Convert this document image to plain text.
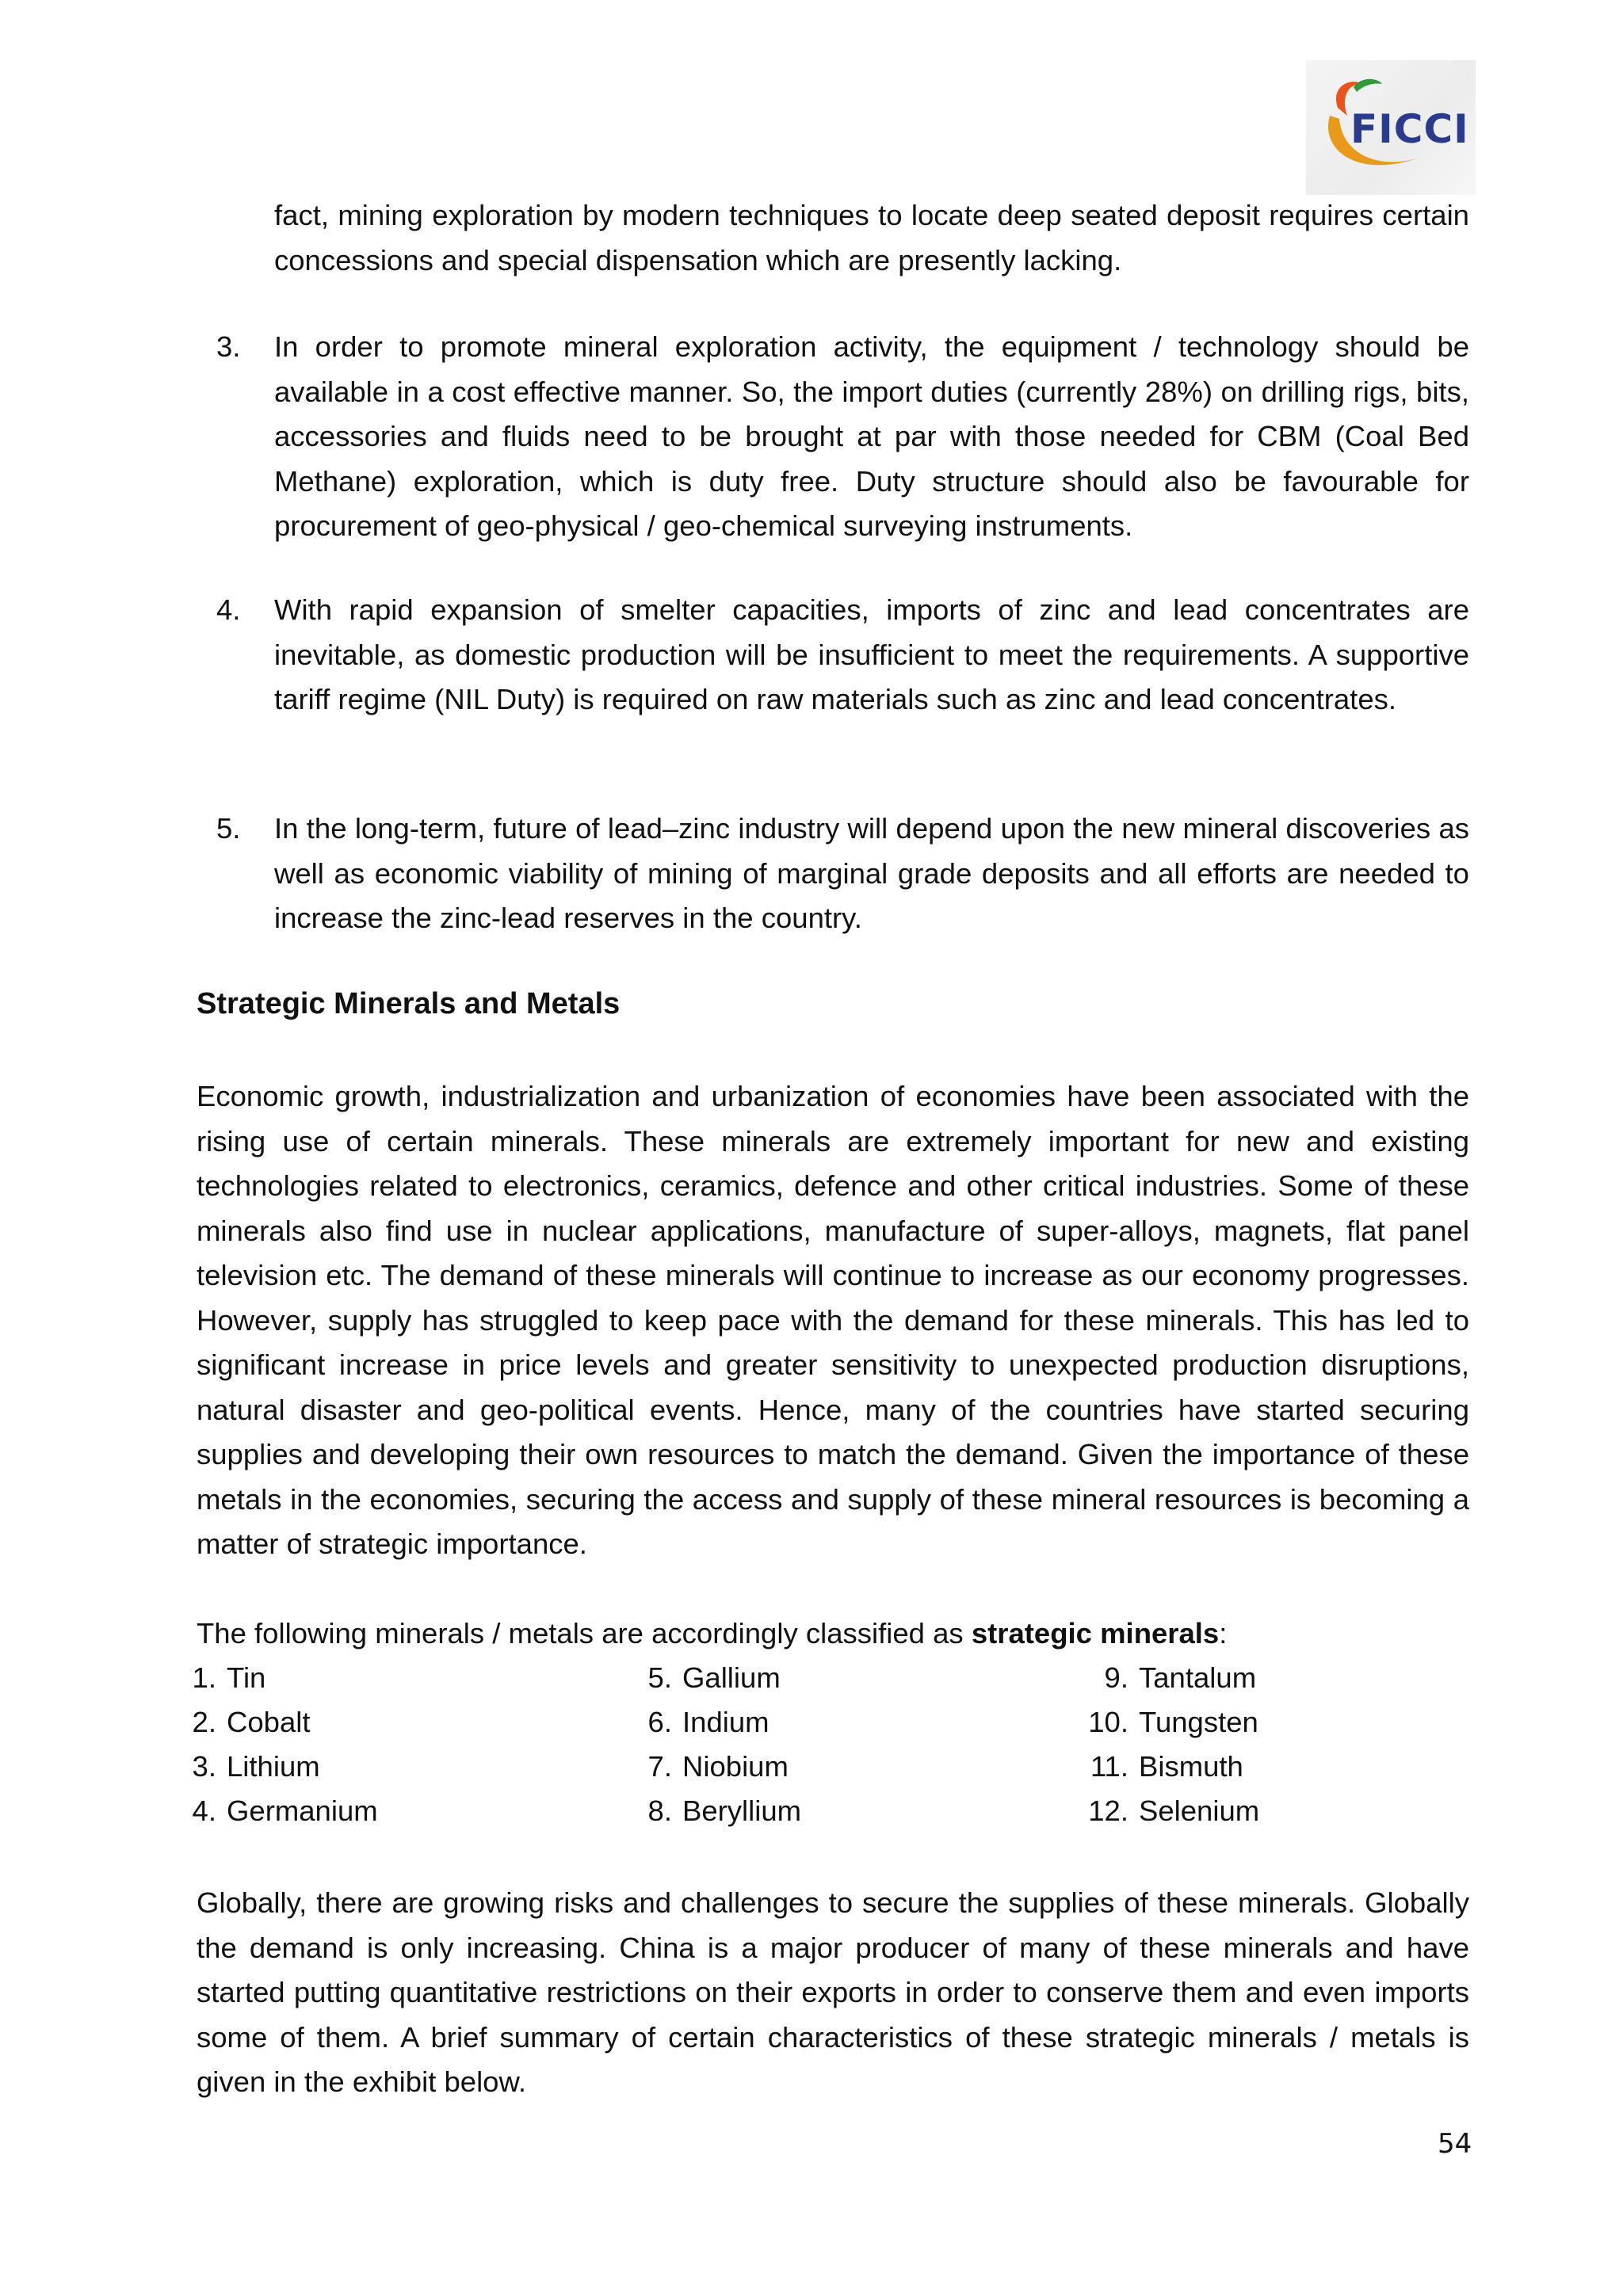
FICCI

fact, mining exploration by modern techniques to locate deep seated deposit requires certain concessions and special dispensation which are presently lacking.

3. In order to promote mineral exploration activity, the equipment / technology should be available in a cost effective manner. So, the import duties (currently 28%) on drilling rigs, bits, accessories and fluids need to be brought at par with those needed for CBM (Coal Bed Methane) exploration, which is duty free. Duty structure should also be favourable for procurement of geo-physical / geo-chemical surveying instruments.

4. With rapid expansion of smelter capacities, imports of zinc and lead concentrates are inevitable, as domestic production will be insufficient to meet the requirements. A supportive tariff regime (NIL Duty) is required on raw materials such as zinc and lead concentrates.

5. In the long-term, future of lead–zinc industry will depend upon the new mineral discoveries as well as economic viability of mining of marginal grade deposits and all efforts are needed to increase the zinc-lead reserves in the country.

Strategic Minerals and Metals

Economic growth, industrialization and urbanization of economies have been associated with the rising use of certain minerals. These minerals are extremely important for new and existing technologies related to electronics, ceramics, defence and other critical industries. Some of these minerals also find use in nuclear applications, manufacture of super-alloys, magnets, flat panel television etc. The demand of these minerals will continue to increase as our economy progresses. However, supply has struggled to keep pace with the demand for these minerals. This has led to significant increase in price levels and greater sensitivity to unexpected production disruptions, natural disaster and geo-political events. Hence, many of the countries have started securing supplies and developing their own resources to match the demand. Given the importance of these metals in the economies, securing the access and supply of these mineral resources is becoming a matter of strategic importance.

The following minerals / metals are accordingly classified as strategic minerals:

1. Tin
2. Cobalt
3. Lithium
4. Germanium
5. Gallium
6. Indium
7. Niobium
8. Beryllium
9. Tantalum
10. Tungsten
11. Bismuth
12. Selenium

Globally, there are growing risks and challenges to secure the supplies of these minerals. Globally the demand is only increasing. China is a major producer of many of these minerals and have started putting quantitative restrictions on their exports in order to conserve them and even imports some of them. A brief summary of certain characteristics of these strategic minerals / metals is given in the exhibit below.

54
